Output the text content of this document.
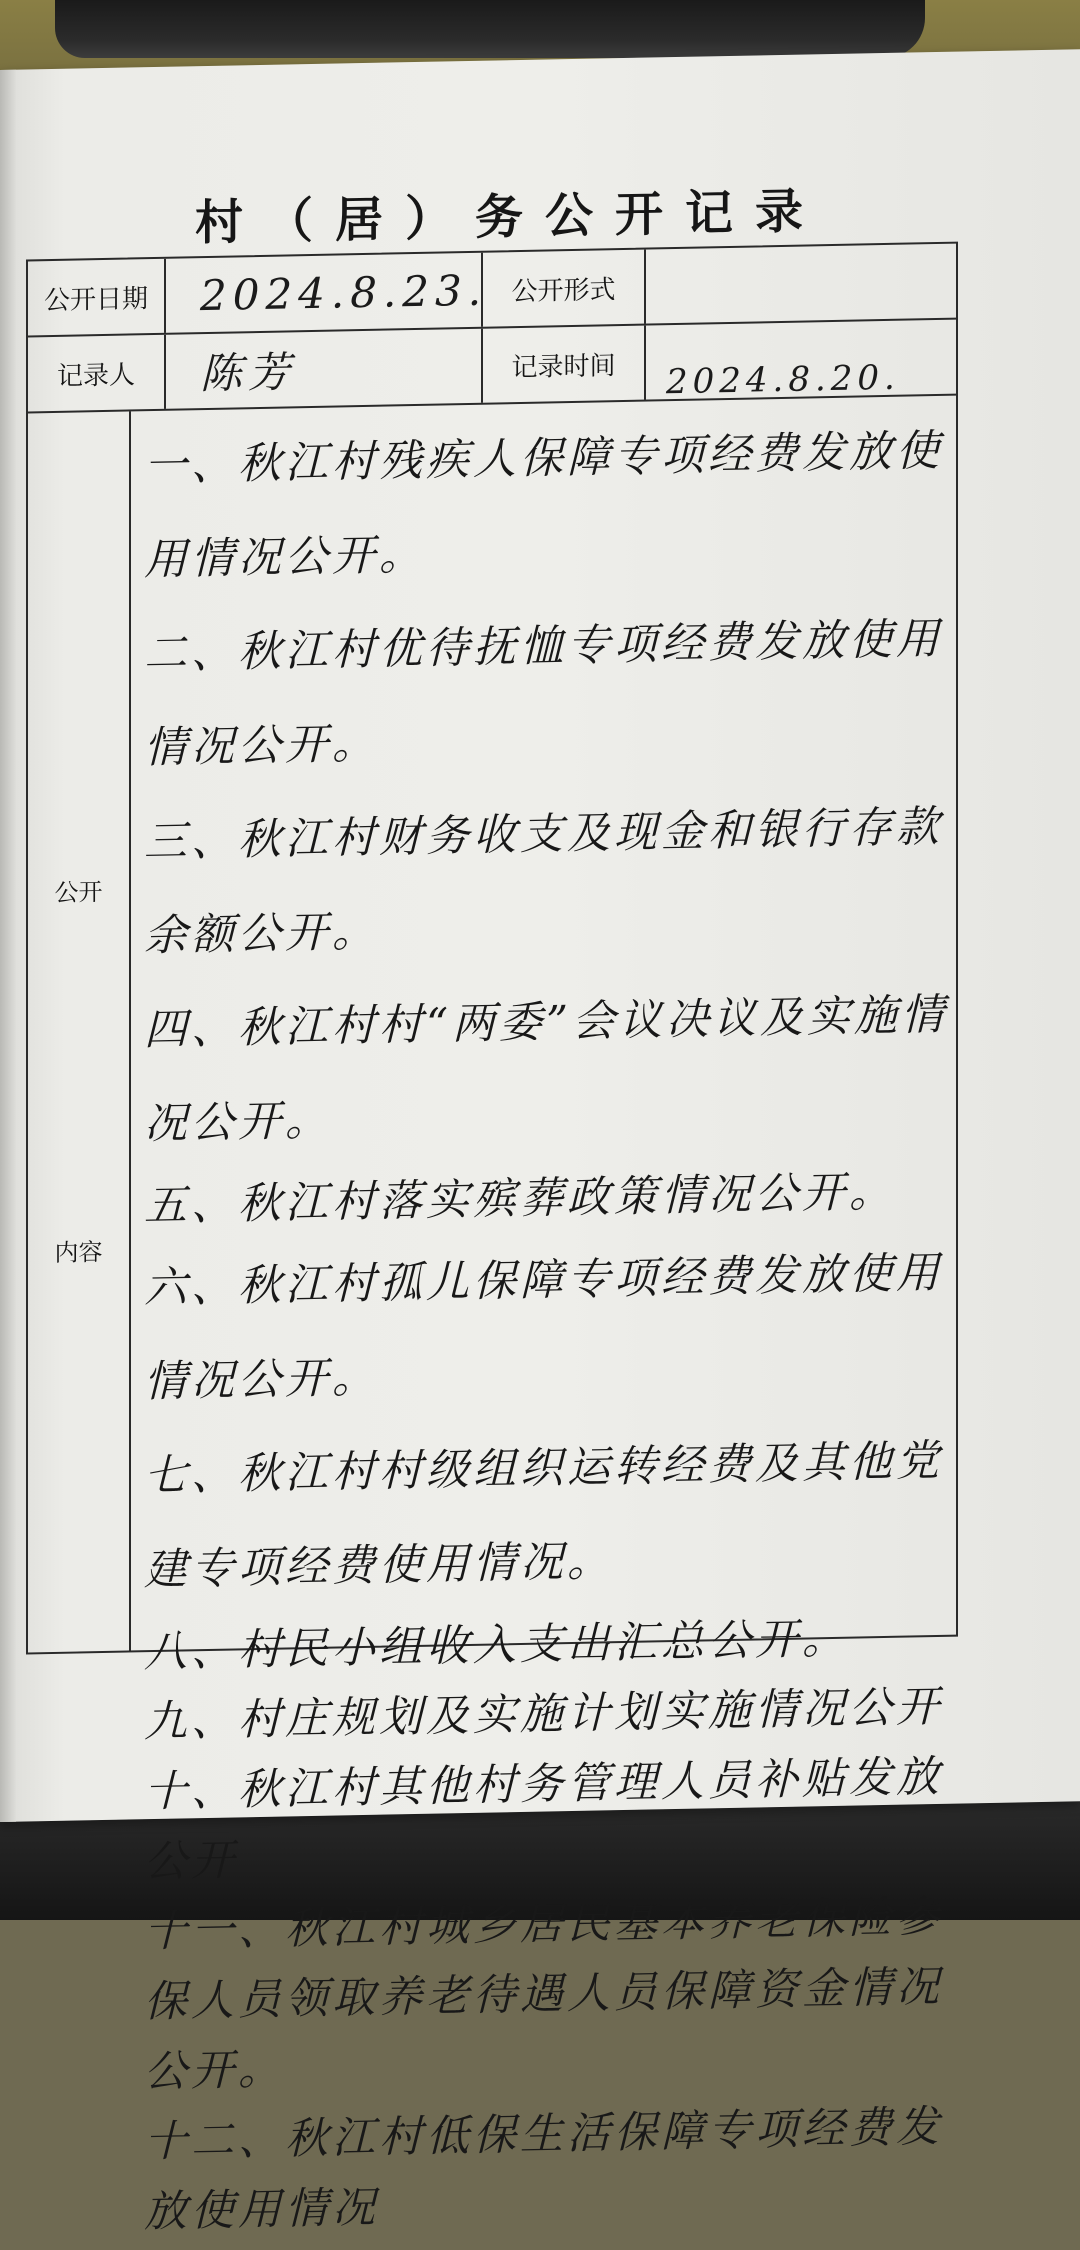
村（居）务公开记录
公开日期	2024.8.23. 公开形式
记录人	陈芳	记录时间	2024.8.20.
公开
内容
一、秋江村残疾人保障专项经费发放使用情况公开。
二、秋江村优待抚恤专项经费发放使用情况公开。
三、秋江村财务收支及现金和银行存款余额公开。
四、秋江村村“两委”会议决议及实施情况公开。
五、秋江村落实殡葬政策情况公开。
六、秋江村孤儿保障专项经费发放使用情况公开。
七、秋江村村级组织运转经费及其他党建专项经费使用情况。
八、村民小组收入支出汇总公开。
九、村庄规划及实施计划实施情况公开
十、秋江村其他村务管理人员补贴发放公开
十一、秋江村城乡居民基本养老保险参保人员领取养老待遇人员保障资金情况公开。
十二、秋江村低保生活保障专项经费发放使用情况
